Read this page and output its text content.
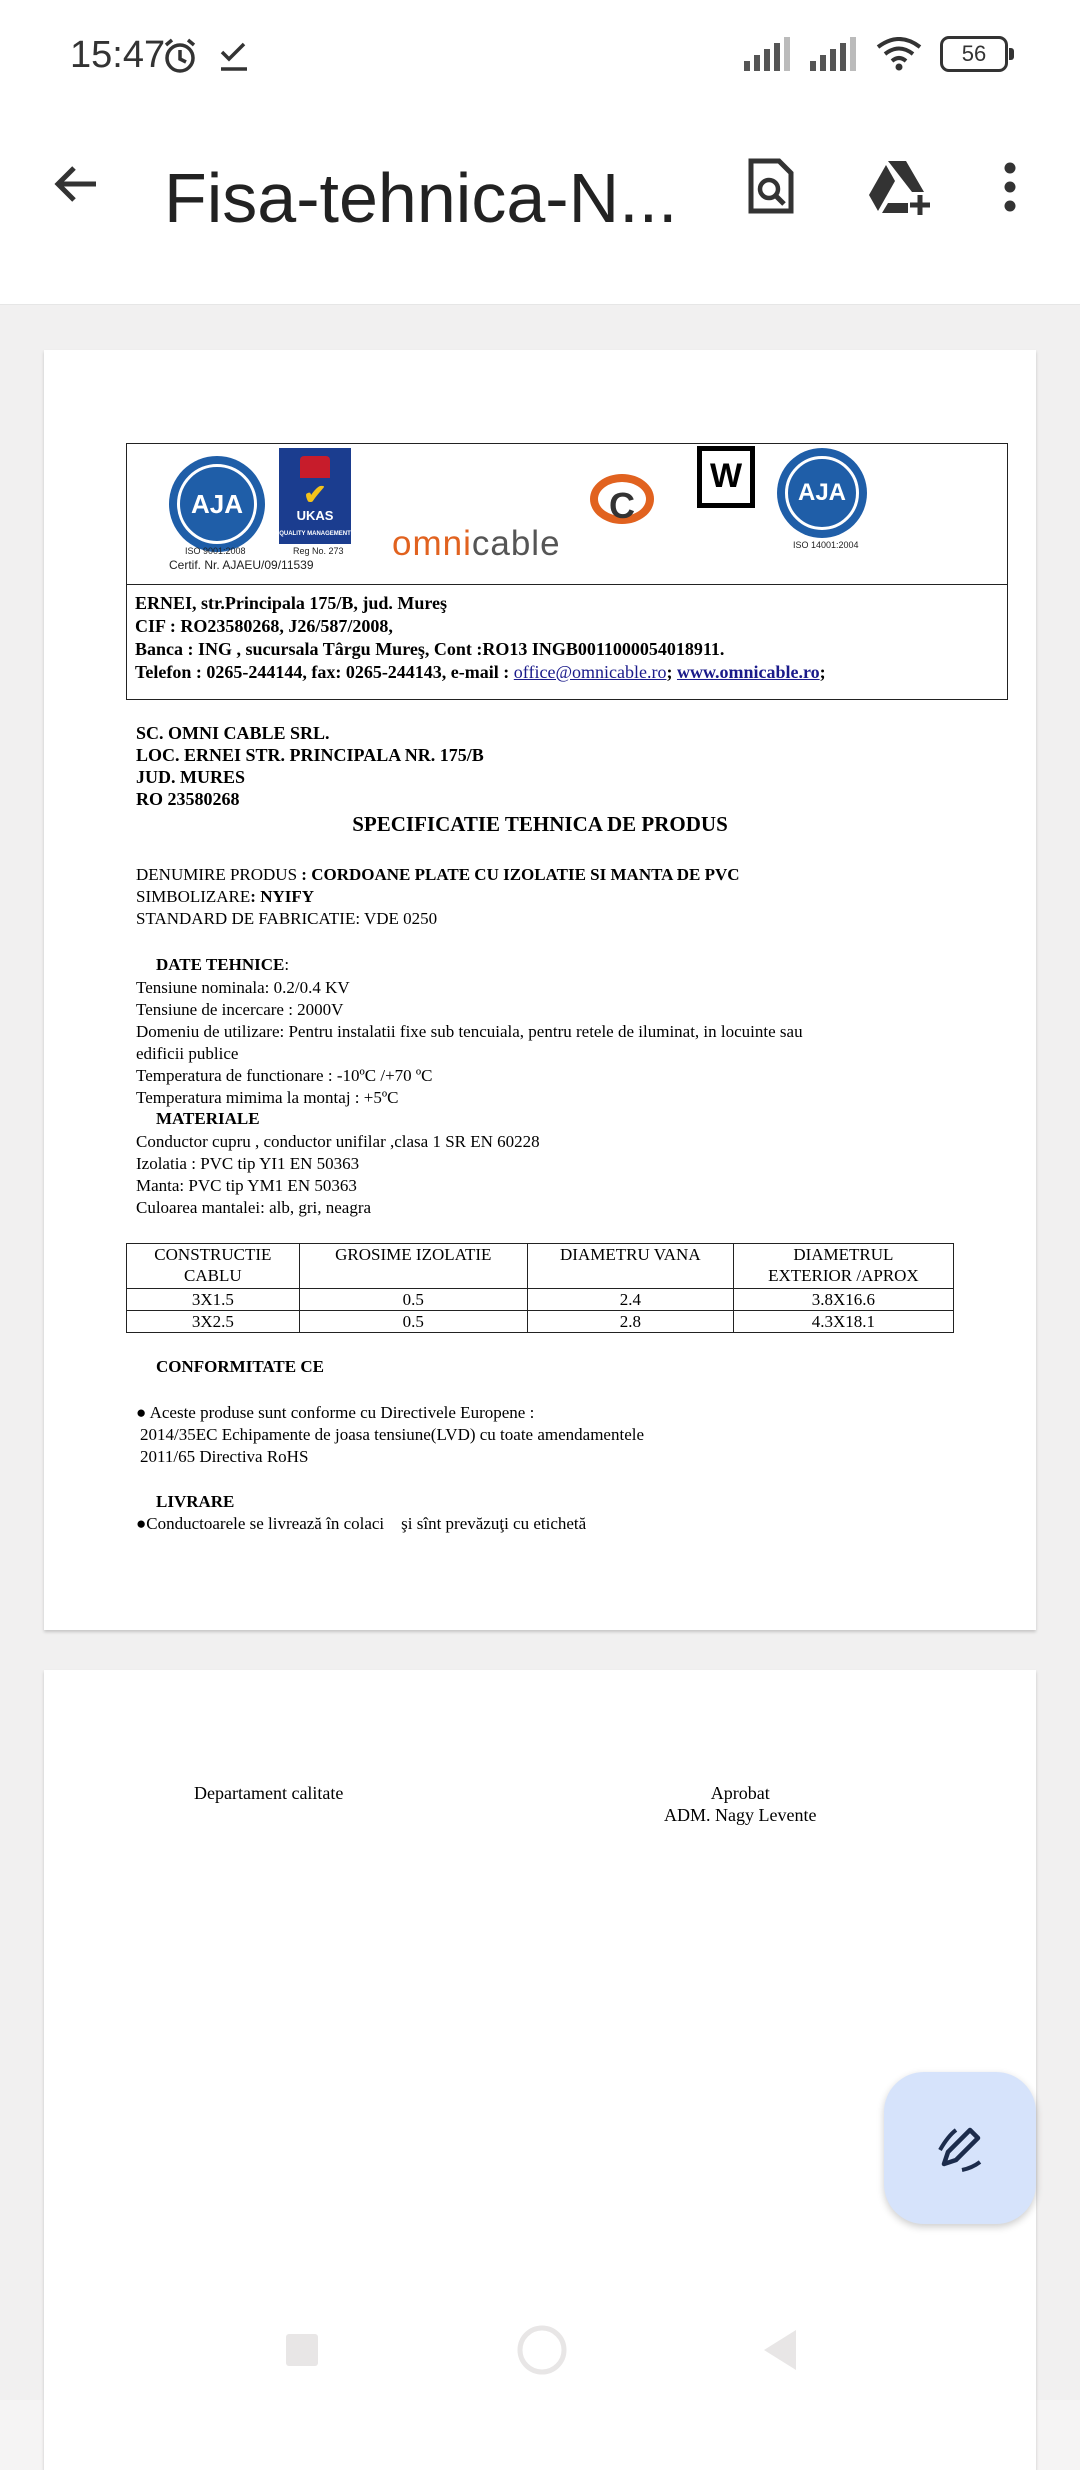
15:47	56
Fisa-tehnica-N...
AJA
ISO 9001:2008
Certif. Nr. AJAEU/09/11539
✔
UKAS
QUALITY MANAGEMENT
Reg No. 273 omnicable
C
W	AJA
ISO 14001:2004
ERNEI, str.Principala 175/B, jud. Mureş
CIF : RO23580268, J26/587/2008,
Banca : ING , sucursala Târgu Mureş, Cont :RO13 INGB0011000054018911.
Telefon : 0265-244144, fax: 0265-244143, e-mail : office@omnicable.ro; www.omnicable.ro;
SC. OMNI CABLE SRL.
LOC. ERNEI STR. PRINCIPALA NR. 175/B
JUD. MURES
RO 23580268
SPECIFICATIE TEHNICA DE PRODUS
DENUMIRE PRODUS : CORDOANE PLATE CU IZOLATIE SI MANTA DE PVC
SIMBOLIZARE: NYIFY
STANDARD DE FABRICATIE: VDE 0250
DATE TEHNICE:
Tensiune nominala: 0.2/0.4 KV
Tensiune de incercare : 2000V
Domeniu de utilizare: Pentru instalatii fixe sub tencuiala, pentru retele de iluminat, in locuinte sau
edificii publice
Temperatura de functionare : -10ºC /+70 ºC
Temperatura mimima la montaj : +5ºC
MATERIALE
Conductor cupru , conductor unifilar ,clasa 1 SR EN 60228
Izolatia : PVC tip YI1 EN 50363
Manta: PVC tip YM1 EN 50363
Culoarea mantalei: alb, gri, neagra
CONSTRUCTIE
CABLU	GROSIME IZOLATIE	DIAMETRU VANA	DIAMETRUL
EXTERIOR /APROX
3X1.5	0.5	2.4	3.8X16.6
3X2.5	0.5	2.8	4.3X18.1
CONFORMITATE CE
● Aceste produse sunt conforme cu Directivele Europene :
2014/35EC Echipamente de joasa tensiune(LVD) cu toate amendamentele
2011/65 Directiva RoHS
LIVRARE
●Conductoarele se livrează în colaci    şi sînt prevăzuţi cu etichetă
Departament calitate	Aprobat
ADM. Nagy Levente
